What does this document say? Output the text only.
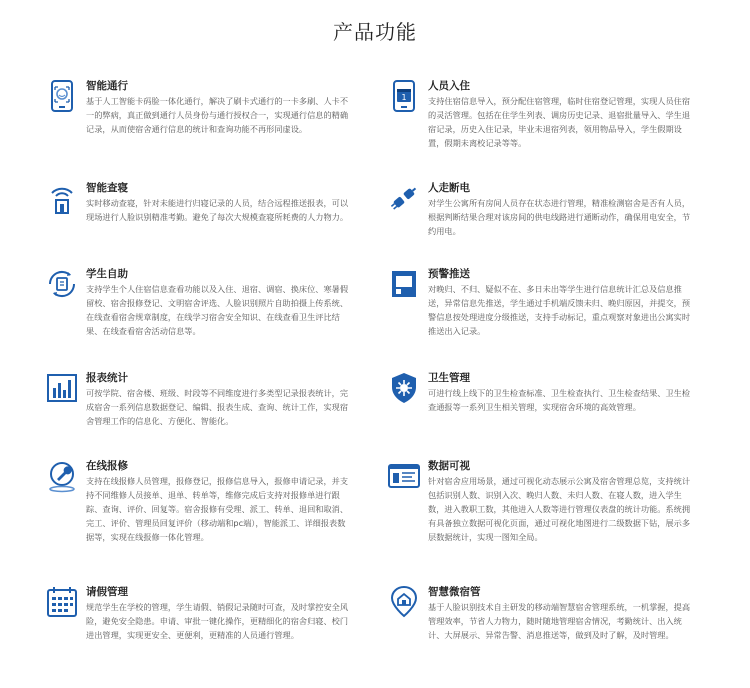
产品功能
智能通行
基于人工智能卡码脸一体化通行，解决了刷卡式通行的一卡多刷、人卡不一的弊病，真正做到通行人员身份与通行授权合一，实现通行信息的精确记录，从而使宿舍通行信息的统计和查询功能不再形同虚设。
1
人员入住
支持住宿信息导入，预分配住宿管理，临时住宿登记管理，实现人员住宿的灵活管理。包括在住学生列表、调房历史记录、退宿批量导入、学生退宿记录，历史入住记录，毕业未退宿列表，领用物品导入，学生假期设置，假期未离校记录等等。
智能查寝
实时移动查寝，针对未能进行归寝记录的人员，结合远程推送报表，可以现场进行人脸识别精准考勤。避免了每次大规模查寝所耗费的人力物力。
人走断电
对学生公寓所有房间人员存在状态进行管理，精准检测宿舍是否有人员，根据判断结果合理对该房间的供电线路进行通断动作，确保用电安全，节约用电。
学生自助
支持学生个人住宿信息查看功能以及入住、退宿、调宿、换床位、寒暑假留校、宿舍报修登记、文明宿舍评选、人脸识别照片自助拍摄上传系统、在线查看宿舍规章制度，在线学习宿舍安全知识、在线查看卫生评比结果、在线查看宿舍活动信息等。
预警推送
对晚归、不归、疑似不在、多日未出等学生进行信息统计汇总及信息推送，异常信息先推送，学生通过手机端反馈未归、晚归原因，并提交，预警信息按处理进度分级推送，支持手动标记，重点观察对象进出公寓实时推送出入记录。
报表统计
可按学院、宿舍楼、班级、时段等不同维度进行多类型记录报表统计，完成宿舍一系列信息数据登记、编辑、报表生成、查询、统计工作，实现宿舍管理工作的信息化、方便化、智能化。
卫生管理
可进行线上线下的卫生检查标准、卫生检查执行、卫生检查结果、卫生检查通报等一系列卫生相关管理，实现宿舍环境的高效管理。
在线报修
支持在线报修人员管理，报修登记，报修信息导入，报修申请记录，并支持不同维修人员接单、退单、转单等，维修完成后支持对报修单进行跟踪、查询、评价、回复等。宿舍报修有受理、派工、转单、退回和取消、完工、评价、管理员回复评价（移动端和pc端），智能派工、详细报表数据等，实现在线报修一体化管理。
数据可视
针对宿舍应用场景，通过可视化动态展示公寓及宿舍管理总览，支持统计包括识别人数、识别入次、晚归人数、未归人数、在寝人数，进入学生数，进入教职工数，其他进入人数等进行管理仪表盘的统计功能。系统拥有具备独立数据可视化页面，通过可视化地图进行二级数据下钻，展示多层数据统计，实现一图知全局。
请假管理
规范学生在学校的管理，学生请假、销假记录随时可查，及时掌控安全风险，避免安全隐患。申请、审批一键化操作，更精细化的宿舍归寝、校门进出管理，实现更安全、更便利，更精准的人员通行管理。
智慧微宿管
基于人脸识别技术自主研发的移动端智慧宿舍管理系统，一机掌握，提高管理效率，节省人力物力，随时随地管理宿舍情况，考勤统计、出入统计、大屏展示、异常告警、消息推送等，做到及时了解，及时管理。
